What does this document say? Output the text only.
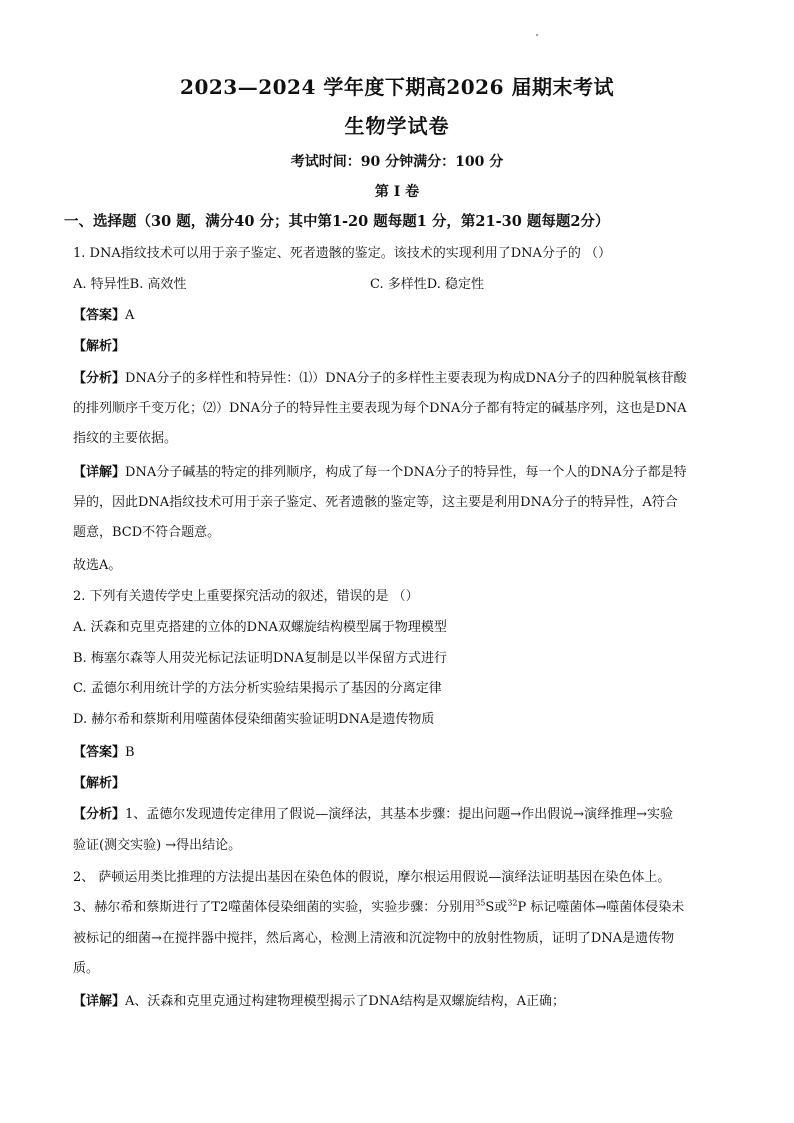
2023—2024 学年度下期高2026 届期末考试
生物学试卷
考试时间：90 分钟满分：100 分
第 I 卷
一、选择题（30 题，满分40 分；其中第1-20 题每题1 分，第21-30 题每题2分）
1. DNA指纹技术可以用于亲子鉴定、死者遗骸的鉴定。该技术的实现利用了DNA分子的 （）
A. 特异性B. 高效性	C. 多样性D. 稳定性
【答案】A
【解析】
【分析】DNA分子的多样性和特异性：⑴）DNA分子的多样性主要表现为构成DNA分子的四种脱氧核苷酸
的排列顺序千变万化；⑵）DNA分子的特异性主要表现为每个DNA分子都有特定的碱基序列，这也是DNA
指纹的主要依据。
【详解】DNA分子碱基的特定的排列顺序，构成了每一个DNA分子的特异性，每一个人的DNA分子都是特
异的，因此DNA指纹技术可用于亲子鉴定、死者遗骸的鉴定等，这主要是利用DNA分子的特异性，A符合
题意，BCD不符合题意。
故选A。
2. 下列有关遗传学史上重要探究活动的叙述，错误的是 （）
A. 沃森和克里克搭建的立体的DNA双螺旋结构模型属于物理模型
B. 梅塞尔森等人用荧光标记法证明DNA复制是以半保留方式进行
C. 孟德尔利用统计学的方法分析实验结果揭示了基因的分离定律
D. 赫尔希和蔡斯利用噬菌体侵染细菌实验证明DNA是遗传物质
【答案】B
【解析】
【分析】1、孟德尔发现遗传定律用了假说—演绎法，其基本步骤：提出问题→作出假说→演绎推理→实验
验证(测交实验) →得出结论。
2、 萨顿运用类比推理的方法提出基因在染色体的假说，摩尔根运用假说—演绎法证明基因在染色体上。
3、赫尔希和蔡斯进行了T2噬菌体侵染细菌的实验，实验步骤：分别用$^{35}$S或$^{32}$P 标记噬菌体→噬菌体侵染未
被标记的细菌→在搅拌器中搅拌，然后离心，检测上清液和沉淀物中的放射性物质，证明了DNA是遗传物
质。
【详解】A、沃森和克里克通过构建物理模型揭示了DNA结构是双螺旋结构，A正确；
